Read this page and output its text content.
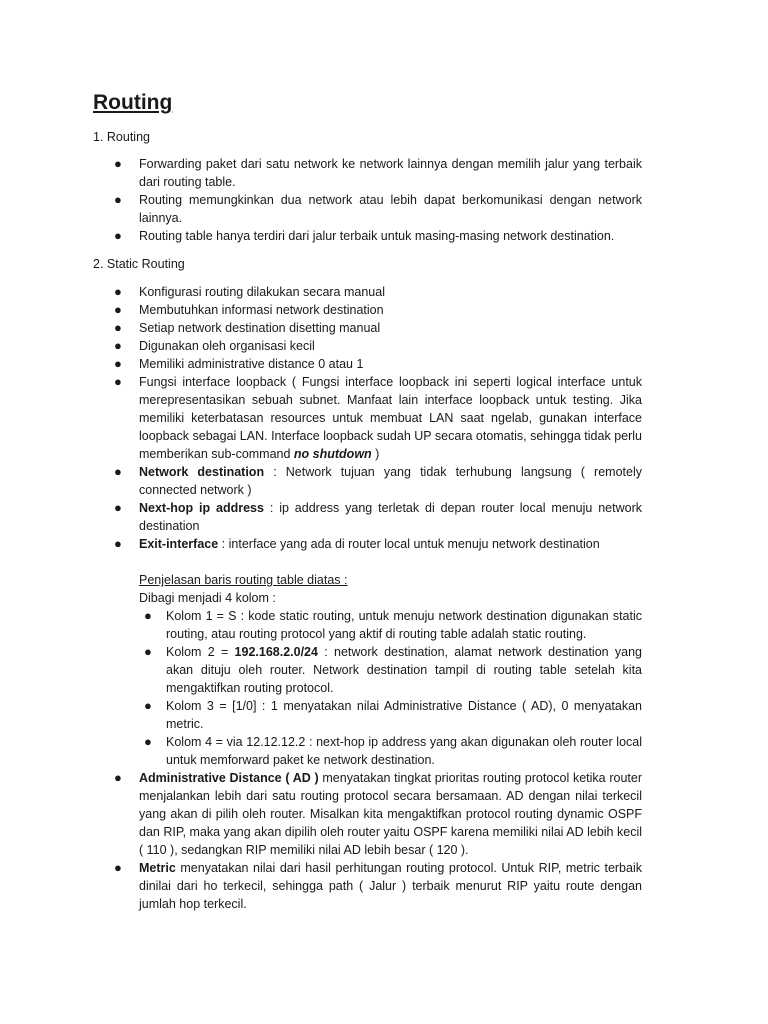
Routing

1. Routing

● Forwarding paket dari satu network ke network lainnya dengan memilih jalur yang terbaik dari routing table.
● Routing memungkinkan dua network atau lebih dapat berkomunikasi dengan network lainnya.
● Routing table hanya terdiri dari jalur terbaik untuk masing-masing network destination.

2. Static Routing

● Konfigurasi routing dilakukan secara manual
● Membutuhkan informasi network destination
● Setiap network destination disetting manual
● Digunakan oleh organisasi kecil
● Memiliki administrative distance 0 atau 1
● Fungsi interface loopback ( Fungsi interface loopback ini seperti logical interface untuk merepresentasikan sebuah subnet. Manfaat lain interface loopback untuk testing. Jika memiliki keterbatasan resources untuk membuat LAN saat ngelab, gunakan interface loopback sebagai LAN. Interface loopback sudah UP secara otomatis, sehingga tidak perlu memberikan sub-command no shutdown )
● Network destination : Network tujuan yang tidak terhubung langsung ( remotely connected network )
● Next-hop ip address : ip address yang terletak di depan router local menuju network destination
● Exit-interface : interface yang ada di router local untuk menuju network destination
Penjelasan baris routing table diatas :
Dibagi menjadi 4 kolom :
● Kolom 1 = S : kode static routing, untuk menuju network destination digunakan static routing, atau routing protocol yang aktif di routing table adalah static routing.
● Kolom 2 = 192.168.2.0/24 : network destination, alamat network destination yang akan dituju oleh router. Network destination tampil di routing table setelah kita mengaktifkan routing protocol.
● Kolom 3 = [1/0] : 1 menyatakan nilai Administrative Distance ( AD), 0 menyatakan metric.
● Kolom 4 = via 12.12.12.2 : next-hop ip address yang akan digunakan oleh router local untuk memforward paket ke network destination.
● Administrative Distance ( AD ) menyatakan tingkat prioritas routing protocol ketika router menjalankan lebih dari satu routing protocol secara bersamaan. AD dengan nilai terkecil yang akan di pilih oleh router. Misalkan kita mengaktifkan protocol routing dynamic OSPF dan RIP, maka yang akan dipilih oleh router yaitu OSPF karena memiliki nilai AD lebih kecil ( 110 ), sedangkan RIP memiliki nilai AD lebih besar ( 120 ).
● Metric menyatakan nilai dari hasil perhitungan routing protocol. Untuk RIP, metric terbaik dinilai dari ho terkecil, sehingga path ( Jalur ) terbaik menurut RIP yaitu route dengan jumlah hop terkecil.
